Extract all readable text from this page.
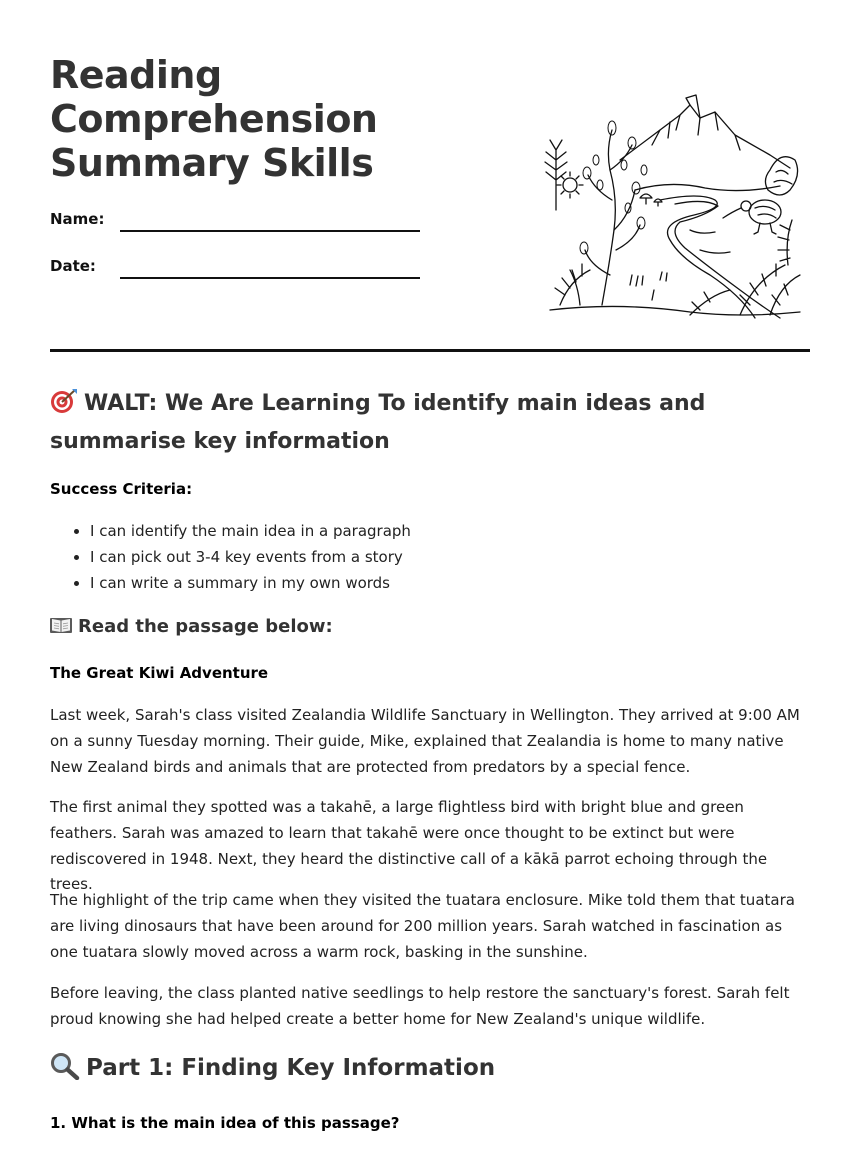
Reading
Comprehension
Summary Skills
Name:
Date:
WALT: We Are Learning To identify main ideas and summarise key information
Success Criteria:
• I can identify the main idea in a paragraph
• I can pick out 3-4 key events from a story
• I can write a summary in my own words
Read the passage below:
The Great Kiwi Adventure

Last week, Sarah's class visited Zealandia Wildlife Sanctuary in Wellington. They arrived at 9:00 AM on a sunny Tuesday morning. Their guide, Mike, explained that Zealandia is home to many native New Zealand birds and animals that are protected from predators by a special fence.

The first animal they spotted was a takahē, a large flightless bird with bright blue and green feathers. Sarah was amazed to learn that takahē were once thought to be extinct but were rediscovered in 1948. Next, they heard the distinctive call of a kākā parrot echoing through the trees.

The highlight of the trip came when they visited the tuatara enclosure. Mike told them that tuatara are living dinosaurs that have been around for 200 million years. Sarah watched in fascination as one tuatara slowly moved across a warm rock, basking in the sunshine.

Before leaving, the class planted native seedlings to help restore the sanctuary's forest. Sarah felt proud knowing she had helped create a better home for New Zealand's unique wildlife.

Part 1: Finding Key Information
1. What is the main idea of this passage?
